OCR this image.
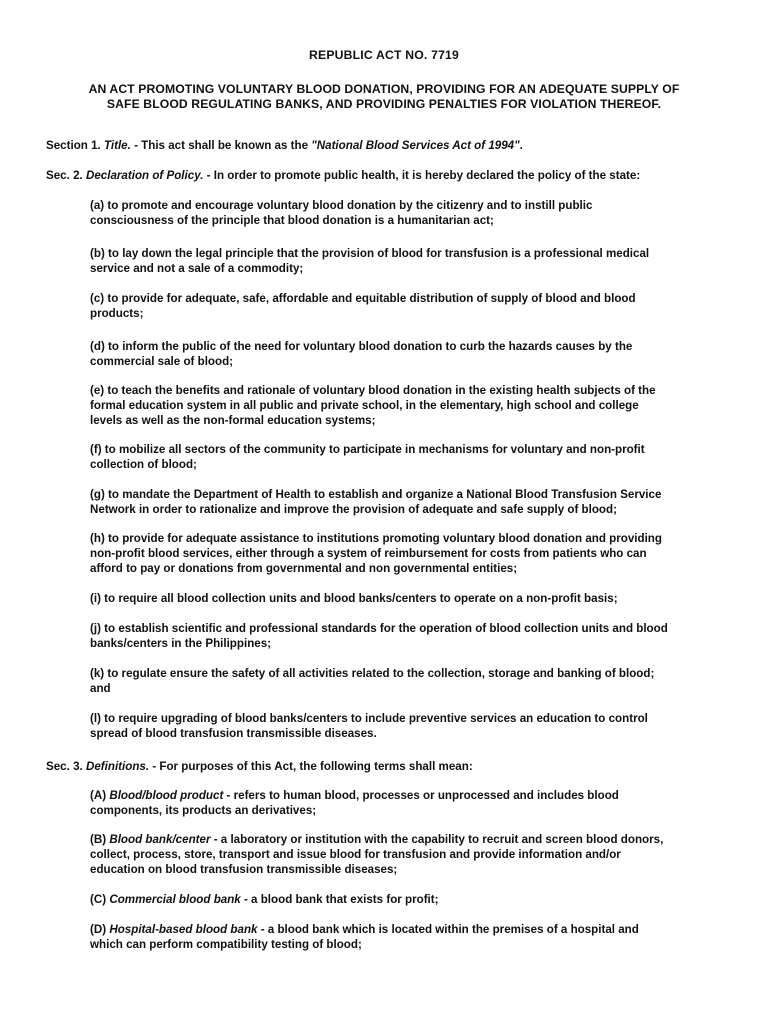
REPUBLIC ACT NO. 7719
AN ACT PROMOTING VOLUNTARY BLOOD DONATION, PROVIDING FOR AN ADEQUATE SUPPLY OF
SAFE BLOOD REGULATING BANKS, AND PROVIDING PENALTIES FOR VIOLATION THEREOF.
Section 1. Title. - This act shall be known as the "National Blood Services Act of 1994".
Sec. 2. Declaration of Policy. - In order to promote public health, it is hereby declared the policy of the state:
(a) to promote and encourage voluntary blood donation by the citizenry and to instill public
consciousness of the principle that blood donation is a humanitarian act;
(b) to lay down the legal principle that the provision of blood for transfusion is a professional medical
service and not a sale of a commodity;
(c) to provide for adequate, safe, affordable and equitable distribution of supply of blood and blood
products;
(d) to inform the public of the need for voluntary blood donation to curb the hazards causes by the
commercial sale of blood;
(e) to teach the benefits and rationale of voluntary blood donation in the existing health subjects of the
formal education system in all public and private school, in the elementary, high school and college
levels as well as the non-formal education systems;
(f) to mobilize all sectors of the community to participate in mechanisms for voluntary and non-profit
collection of blood;
(g) to mandate the Department of Health to establish and organize a National Blood Transfusion Service
Network in order to rationalize and improve the provision of adequate and safe supply of blood;
(h) to provide for adequate assistance to institutions promoting voluntary blood donation and providing
non-profit blood services, either through a system of reimbursement for costs from patients who can
afford to pay or donations from governmental and non governmental entities;
(i) to require all blood collection units and blood banks/centers to operate on a non-profit basis;
(j) to establish scientific and professional standards for the operation of blood collection units and blood
banks/centers in the Philippines;
(k) to regulate ensure the safety of all activities related to the collection, storage and banking of blood;
and
(l) to require upgrading of blood banks/centers to include preventive services an education to control
spread of blood transfusion transmissible diseases.
Sec. 3. Definitions. - For purposes of this Act, the following terms shall mean:
(A) Blood/blood product - refers to human blood, processes or unprocessed and includes blood
components, its products an derivatives;
(B) Blood bank/center - a laboratory or institution with the capability to recruit and screen blood donors,
collect, process, store, transport and issue blood for transfusion and provide information and/or
education on blood transfusion transmissible diseases;
(C) Commercial blood bank - a blood bank that exists for profit;
(D) Hospital-based blood bank - a blood bank which is located within the premises of a hospital and
which can perform compatibility testing of blood;
